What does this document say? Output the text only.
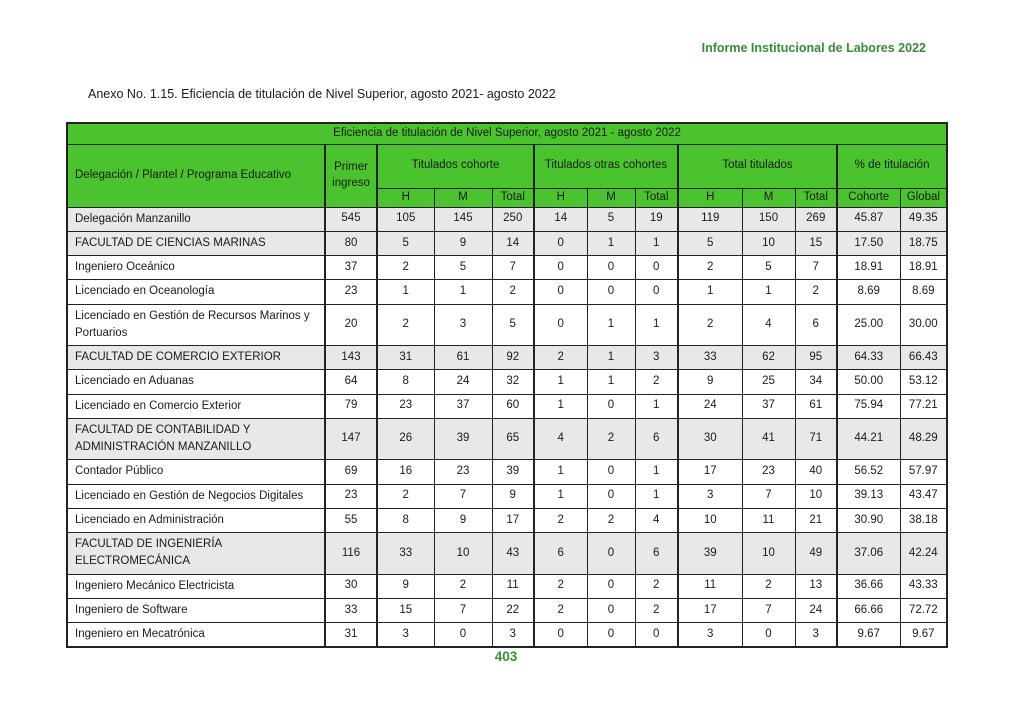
Informe Institucional de Labores 2022
Anexo No. 1.15. Eficiencia de titulación de Nivel Superior, agosto 2021- agosto 2022
Eficiencia de titulación de Nivel Superior, agosto 2021 - agosto 2022												
Delegación / Plantel / Programa Educativo	Primer ingreso	Titulados cohorte			Titulados otras cohortes			Total titulados			% de titulación	
		H	M	Total	H	M	Total	H	M	Total	Cohorte	Global
Delegación Manzanillo	545	105	145	250	14	5	19	119	150	269	45.87	49.35
FACULTAD DE CIENCIAS MARINAS	80	5	9	14	0	1	1	5	10	15	17.50	18.75
Ingeniero Oceánico	37	2	5	7	0	0	0	2	5	7	18.91	18.91
Licenciado en Oceanología	23	1	1	2	0	0	0	1	1	2	8.69	8.69
Licenciado en Gestión de Recursos Marinos y Portuarios	20	2	3	5	0	1	1	2	4	6	25.00	30.00
FACULTAD DE COMERCIO EXTERIOR	143	31	61	92	2	1	3	33	62	95	64.33	66.43
Licenciado en Aduanas	64	8	24	32	1	1	2	9	25	34	50.00	53.12
Licenciado en Comercio Exterior	79	23	37	60	1	0	1	24	37	61	75.94	77.21
FACULTAD DE CONTABILIDAD Y ADMINISTRACIÓN MANZANILLO	147	26	39	65	4	2	6	30	41	71	44.21	48.29
Contador Público	69	16	23	39	1	0	1	17	23	40	56.52	57.97
Licenciado en Gestión de Negocios Digitales	23	2	7	9	1	0	1	3	7	10	39.13	43.47
Licenciado en Administración	55	8	9	17	2	2	4	10	11	21	30.90	38.18
FACULTAD DE INGENIERÍA ELECTROMECÁNICA	116	33	10	43	6	0	6	39	10	49	37.06	42.24
Ingeniero Mecánico Electricista	30	9	2	11	2	0	2	11	2	13	36.66	43.33
Ingeniero de Software	33	15	7	22	2	0	2	17	7	24	66.66	72.72
Ingeniero en Mecatrónica	31	3	0	3	0	0	0	3	0	3	9.67	9.67
403
